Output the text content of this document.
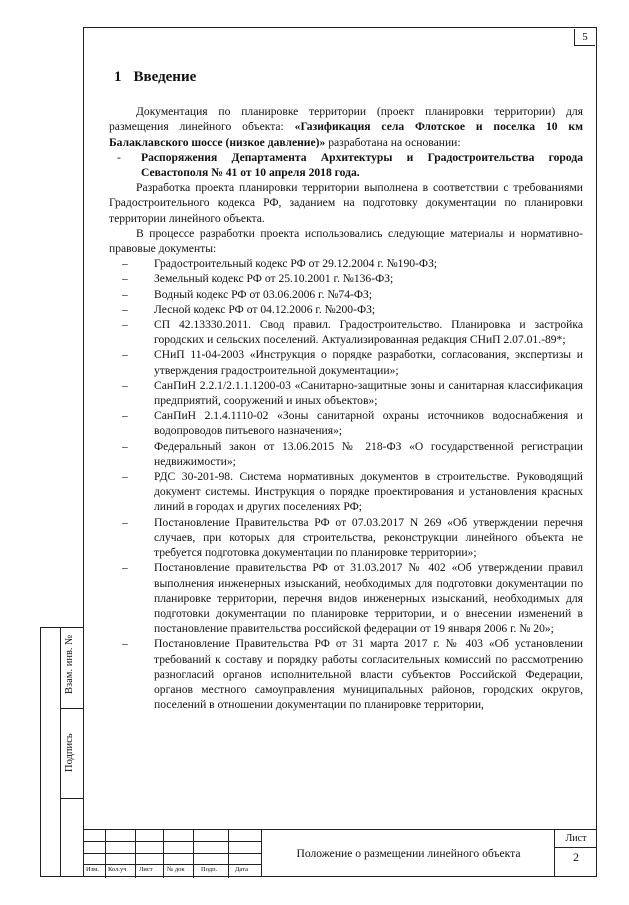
5
1 Введение

Документация по планировке территории (проект планировки территории) для размещения линейного объекта: «Газификация села Флотское и поселка 10 км Балаклавского шоссе (низкое давление)» разработана на основании:

-	Распоряжения Департамента Архитектуры и Градостроительства города Севастополя № 41 от 10 апреля 2018 года.

Разработка проекта планировки территории выполнена в соответствии с требованиями Градостроительного кодекса РФ, заданием на подготовку документации по планировки территории линейного объекта.

В процессе разработки проекта использовались следующие материалы и нормативно-правовые документы:

–	Градостроительный кодекс РФ от 29.12.2004 г. №190-ФЗ;
–	Земельный кодекс РФ от 25.10.2001 г. №136-ФЗ;
–	Водный кодекс РФ от 03.06.2006 г. №74-ФЗ;
–	Лесной кодекс РФ от 04.12.2006 г. №200-ФЗ;
–	СП 42.13330.2011. Свод правил. Градостроительство. Планировка и застройка городских и сельских поселений. Актуализированная редакция СНиП 2.07.01.-89*;
–	СНиП 11-04-2003 «Инструкция о порядке разработки, согласования, экспертизы и утверждения градостроительной документации»;
–	СанПиН 2.2.1/2.1.1.1200-03 «Санитарно-защитные зоны и санитарная классификация предприятий, сооружений и иных объектов»;
–	СанПиН 2.1.4.1110-02 «Зоны санитарной охраны источников водоснабжения и водопроводов питьевого назначения»;
–	Федеральный закон от 13.06.2015 № 218-ФЗ «О государственной регистрации недвижимости»;
–	РДС 30-201-98. Система нормативных документов в строительстве. Руководящий документ системы. Инструкция о порядке проектирования и установления красных линий в городах и других поселениях РФ;
–	Постановление Правительства РФ от 07.03.2017 N 269 «Об утверждении перечня случаев, при которых для строительства, реконструкции линейного объекта не требуется подготовка документации по планировке территории»;
–	Постановление правительства РФ от 31.03.2017 № 402 «Об утверждении правил выполнения инженерных изысканий, необходимых для подготовки документации по планировке территории, перечня видов инженерных изысканий, необходимых для подготовки документации по планировке территории, и о внесении изменений в постановление правительства российской федерации от 19 января 2006 г. № 20»;
–	Постановление Правительства РФ от 31 марта 2017 г. № 403 «Об установлении требований к составу и порядку работы согласительных комиссий по рассмотрению разногласий органов исполнительной власти субъектов Российской Федерации, органов местного самоуправления муниципальных районов, городских округов, поселений в отношении документации по планировке территории,
Взам. инв. №
Подпись
Изм. Кол.уч Лист № док	Подп.	Дата
Положение о размещении линейного объекта
Лист
2
